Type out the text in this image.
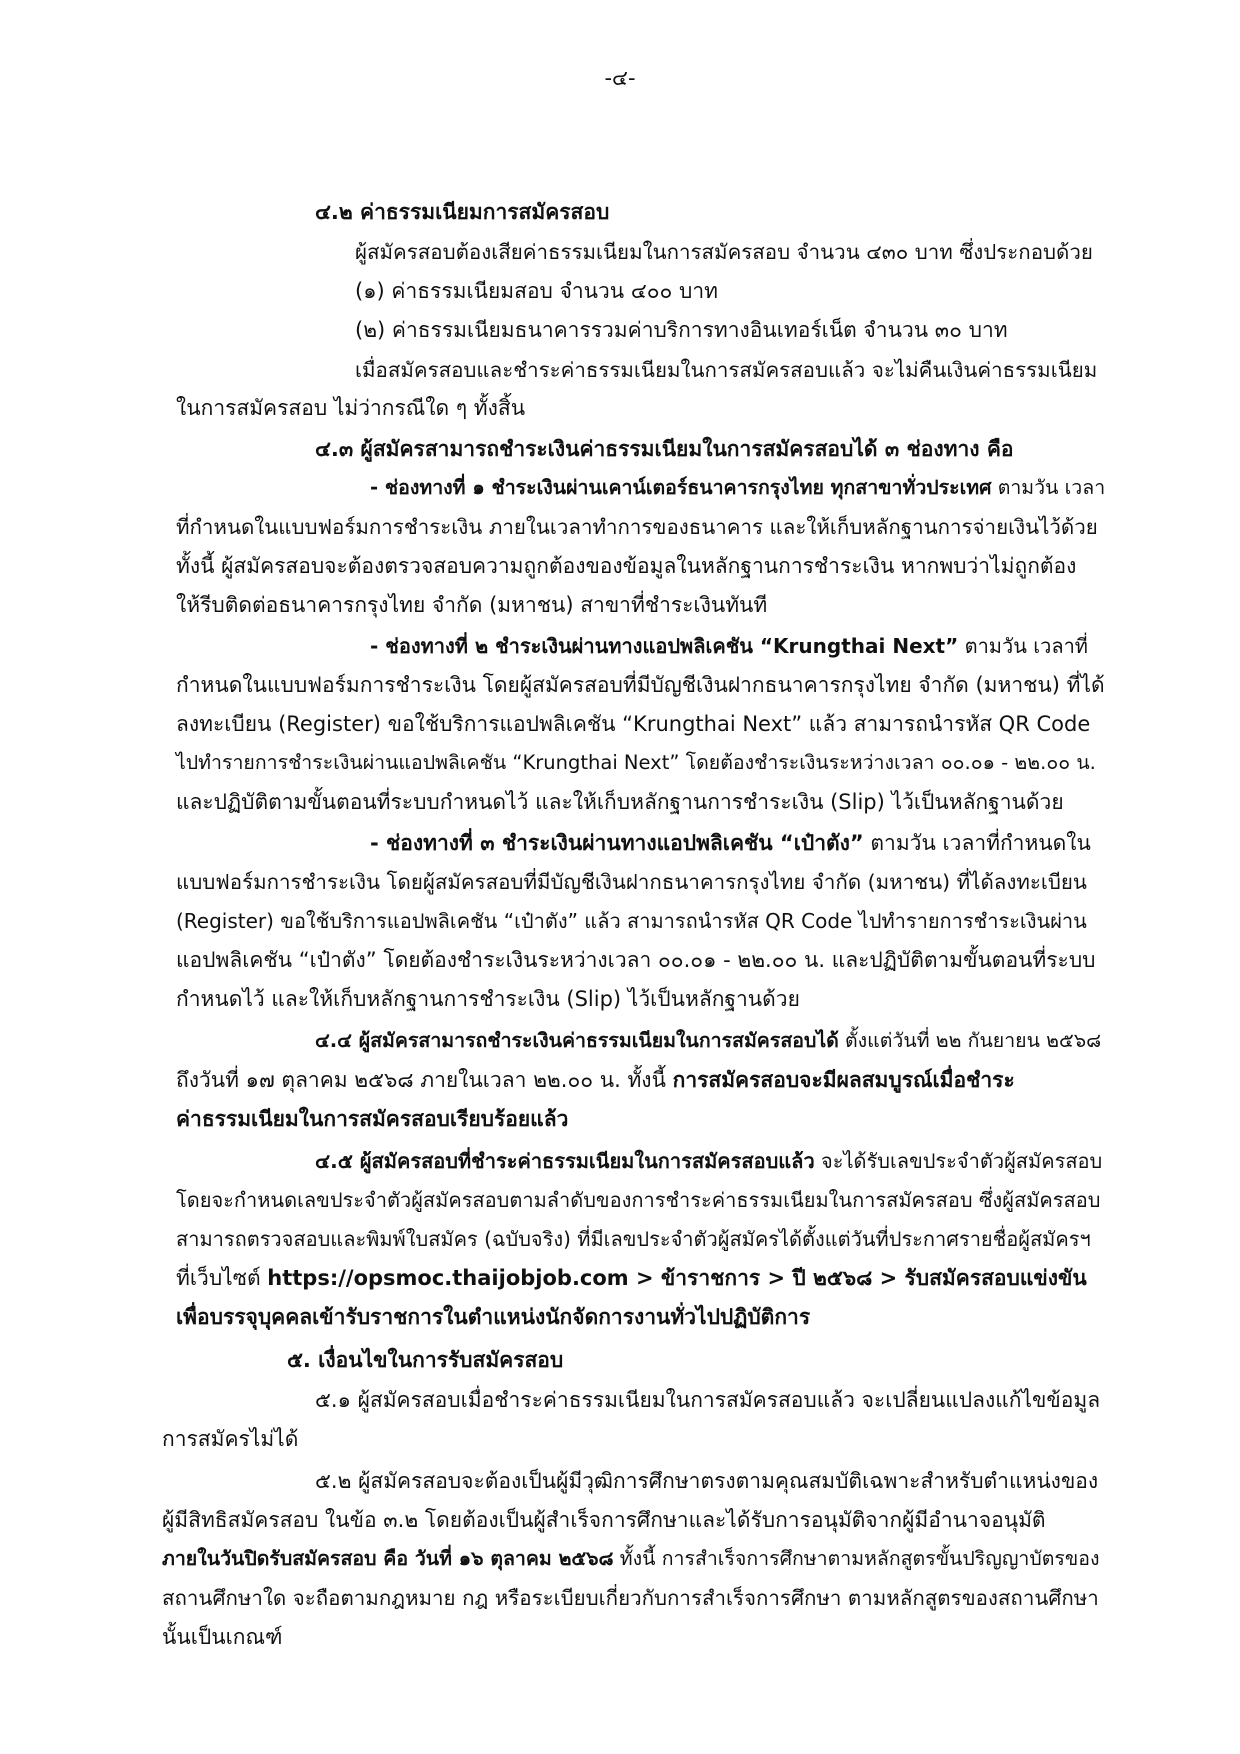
-๔-
๔.๒ ค่าธรรมเนียมการสมัครสอบ
ผู้สมัครสอบต้องเสียค่าธรรมเนียมในการสมัครสอบ จำนวน ๔๓๐ บาท ซึ่งประกอบด้วย
(๑) ค่าธรรมเนียมสอบ จำนวน ๔๐๐ บาท
(๒) ค่าธรรมเนียมธนาคารรวมค่าบริการทางอินเทอร์เน็ต จำนวน ๓๐ บาท
เมื่อสมัครสอบและชำระค่าธรรมเนียมในการสมัครสอบแล้ว จะไม่คืนเงินค่าธรรมเนียม
ในการสมัครสอบ ไม่ว่ากรณีใด ๆ ทั้งสิ้น
๔.๓ ผู้สมัครสามารถชำระเงินค่าธรรมเนียมในการสมัครสอบได้ ๓ ช่องทาง คือ
- ช่องทางที่ ๑ ชำระเงินผ่านเคาน์เตอร์ธนาคารกรุงไทย ทุกสาขาทั่วประเทศ ตามวัน เวลา
ที่กำหนดในแบบฟอร์มการชำระเงิน ภายในเวลาทำการของธนาคาร และให้เก็บหลักฐานการจ่ายเงินไว้ด้วย
ทั้งนี้ ผู้สมัครสอบจะต้องตรวจสอบความถูกต้องของข้อมูลในหลักฐานการชำระเงิน หากพบว่าไม่ถูกต้อง
ให้รีบติดต่อธนาคารกรุงไทย จำกัด (มหาชน) สาขาที่ชำระเงินทันที
- ช่องทางที่ ๒ ชำระเงินผ่านทางแอปพลิเคชัน “Krungthai Next” ตามวัน เวลาที่
กำหนดในแบบฟอร์มการชำระเงิน โดยผู้สมัครสอบที่มีบัญชีเงินฝากธนาคารกรุงไทย จำกัด (มหาชน) ที่ได้
ลงทะเบียน (Register) ขอใช้บริการแอปพลิเคชัน “Krungthai Next” แล้ว สามารถนำรหัส QR Code
ไปทำรายการชำระเงินผ่านแอปพลิเคชัน “Krungthai Next” โดยต้องชำระเงินระหว่างเวลา ๐๐.๐๑ - ๒๒.๐๐ น.
และปฏิบัติตามขั้นตอนที่ระบบกำหนดไว้ และให้เก็บหลักฐานการชำระเงิน (Slip) ไว้เป็นหลักฐานด้วย
- ช่องทางที่ ๓ ชำระเงินผ่านทางแอปพลิเคชัน “เป๋าตัง” ตามวัน เวลาที่กำหนดใน
แบบฟอร์มการชำระเงิน โดยผู้สมัครสอบที่มีบัญชีเงินฝากธนาคารกรุงไทย จำกัด (มหาชน) ที่ได้ลงทะเบียน
(Register) ขอใช้บริการแอปพลิเคชัน “เป๋าตัง” แล้ว สามารถนำรหัส QR Code ไปทำรายการชำระเงินผ่าน
แอปพลิเคชัน “เป๋าตัง” โดยต้องชำระเงินระหว่างเวลา ๐๐.๐๑ - ๒๒.๐๐ น. และปฏิบัติตามขั้นตอนที่ระบบ
กำหนดไว้ และให้เก็บหลักฐานการชำระเงิน (Slip) ไว้เป็นหลักฐานด้วย
๔.๔ ผู้สมัครสามารถชำระเงินค่าธรรมเนียมในการสมัครสอบได้ ตั้งแต่วันที่ ๒๒ กันยายน ๒๕๖๘
ถึงวันที่ ๑๗ ตุลาคม ๒๕๖๘ ภายในเวลา ๒๒.๐๐ น. ทั้งนี้ การสมัครสอบจะมีผลสมบูรณ์เมื่อชำระ
ค่าธรรมเนียมในการสมัครสอบเรียบร้อยแล้ว
๔.๕ ผู้สมัครสอบที่ชำระค่าธรรมเนียมในการสมัครสอบแล้ว จะได้รับเลขประจำตัวผู้สมัครสอบ
โดยจะกำหนดเลขประจำตัวผู้สมัครสอบตามลำดับของการชำระค่าธรรมเนียมในการสมัครสอบ ซึ่งผู้สมัครสอบ
สามารถตรวจสอบและพิมพ์ใบสมัคร (ฉบับจริง) ที่มีเลขประจำตัวผู้สมัครได้ตั้งแต่วันที่ประกาศรายชื่อผู้สมัครฯ
ที่เว็บไซต์ https://opsmoc.thaijobjob.com > ข้าราชการ > ปี ๒๕๖๘ > รับสมัครสอบแข่งขัน
เพื่อบรรจุบุคคลเข้ารับราชการในตำแหน่งนักจัดการงานทั่วไปปฏิบัติการ
๕. เงื่อนไขในการรับสมัครสอบ
๕.๑ ผู้สมัครสอบเมื่อชำระค่าธรรมเนียมในการสมัครสอบแล้ว จะเปลี่ยนแปลงแก้ไขข้อมูล
การสมัครไม่ได้
๕.๒ ผู้สมัครสอบจะต้องเป็นผู้มีวุฒิการศึกษาตรงตามคุณสมบัติเฉพาะสำหรับตำแหน่งของ
ผู้มีสิทธิสมัครสอบ ในข้อ ๓.๒ โดยต้องเป็นผู้สำเร็จการศึกษาและได้รับการอนุมัติจากผู้มีอำนาจอนุมัติ
ภายในวันปิดรับสมัครสอบ คือ วันที่ ๑๖ ตุลาคม ๒๕๖๘ ทั้งนี้ การสำเร็จการศึกษาตามหลักสูตรขั้นปริญญาบัตรของ
สถานศึกษาใด จะถือตามกฎหมาย กฎ หรือระเบียบเกี่ยวกับการสำเร็จการศึกษา ตามหลักสูตรของสถานศึกษา
นั้นเป็นเกณฑ์
